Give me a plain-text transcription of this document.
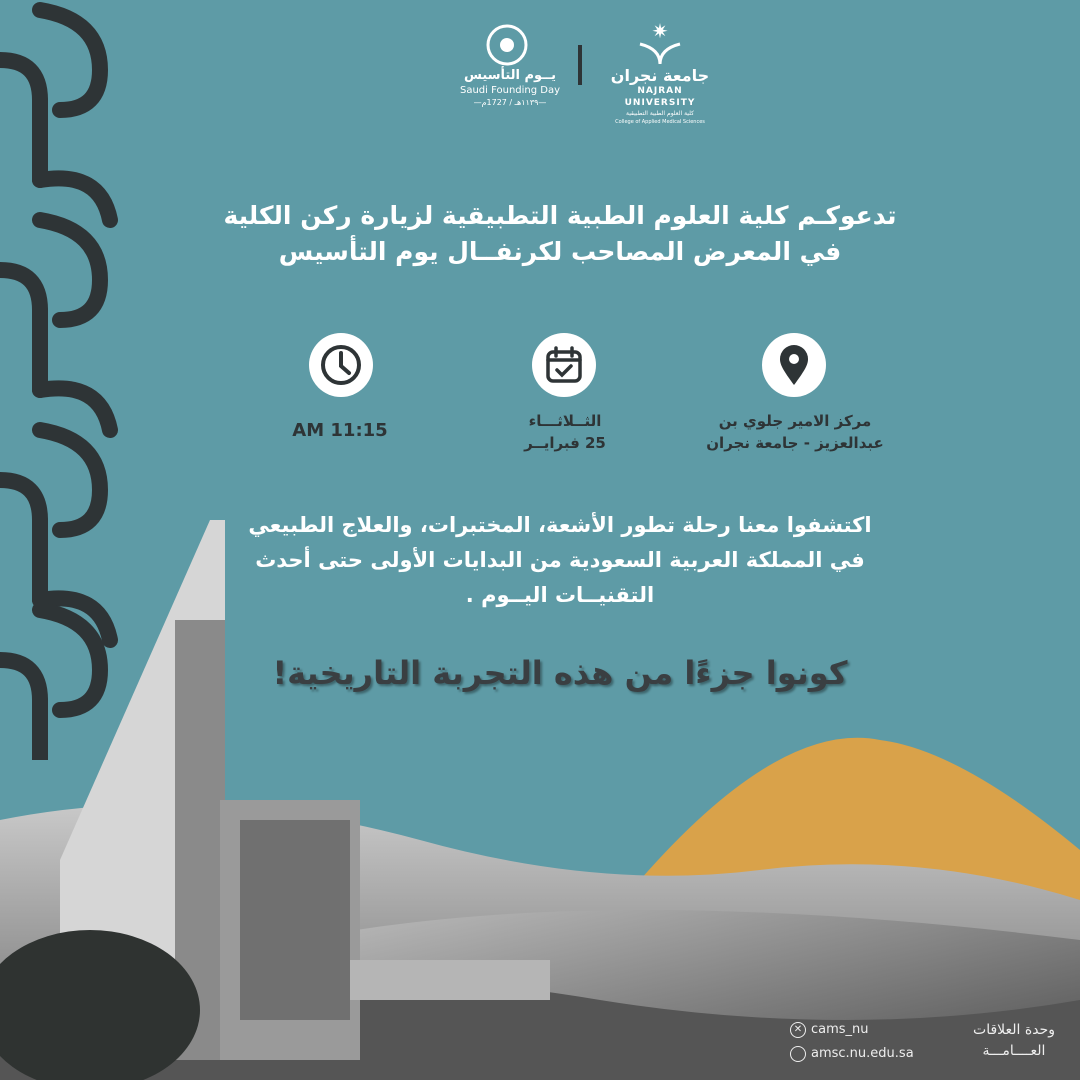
يــوم التأسيس
Saudi Founding Day
—١١٣٩هـ / 1727م—
✷
جامعة نجران
NAJRAN UNIVERSITY
كلية العلوم الطبية التطبيقية
College of Applied Medical Sciences
تدعوكـم كلية العلوم الطبية التطبيقية لزيارة ركن الكلية
في المعرض المصاحب لكرنفــال يوم التأسيس
11:15 AM	الثــلاثـــاء
25 فبرايــر
مركز الامير جلوي بن
عبدالعزيز - جامعة نجران
اكتشفوا معنا رحلة تطور الأشعة، المختبرات، والعلاج الطبيعي
في المملكة العربية السعودية من البدايات الأولى حتى أحدث
التقنيــات اليــوم .
كونوا جزءًا من هذه التجربة التاريخية!
✕ cams_nu
amsc.nu.edu.sa
وحدة العلاقات
العــــامـــة
